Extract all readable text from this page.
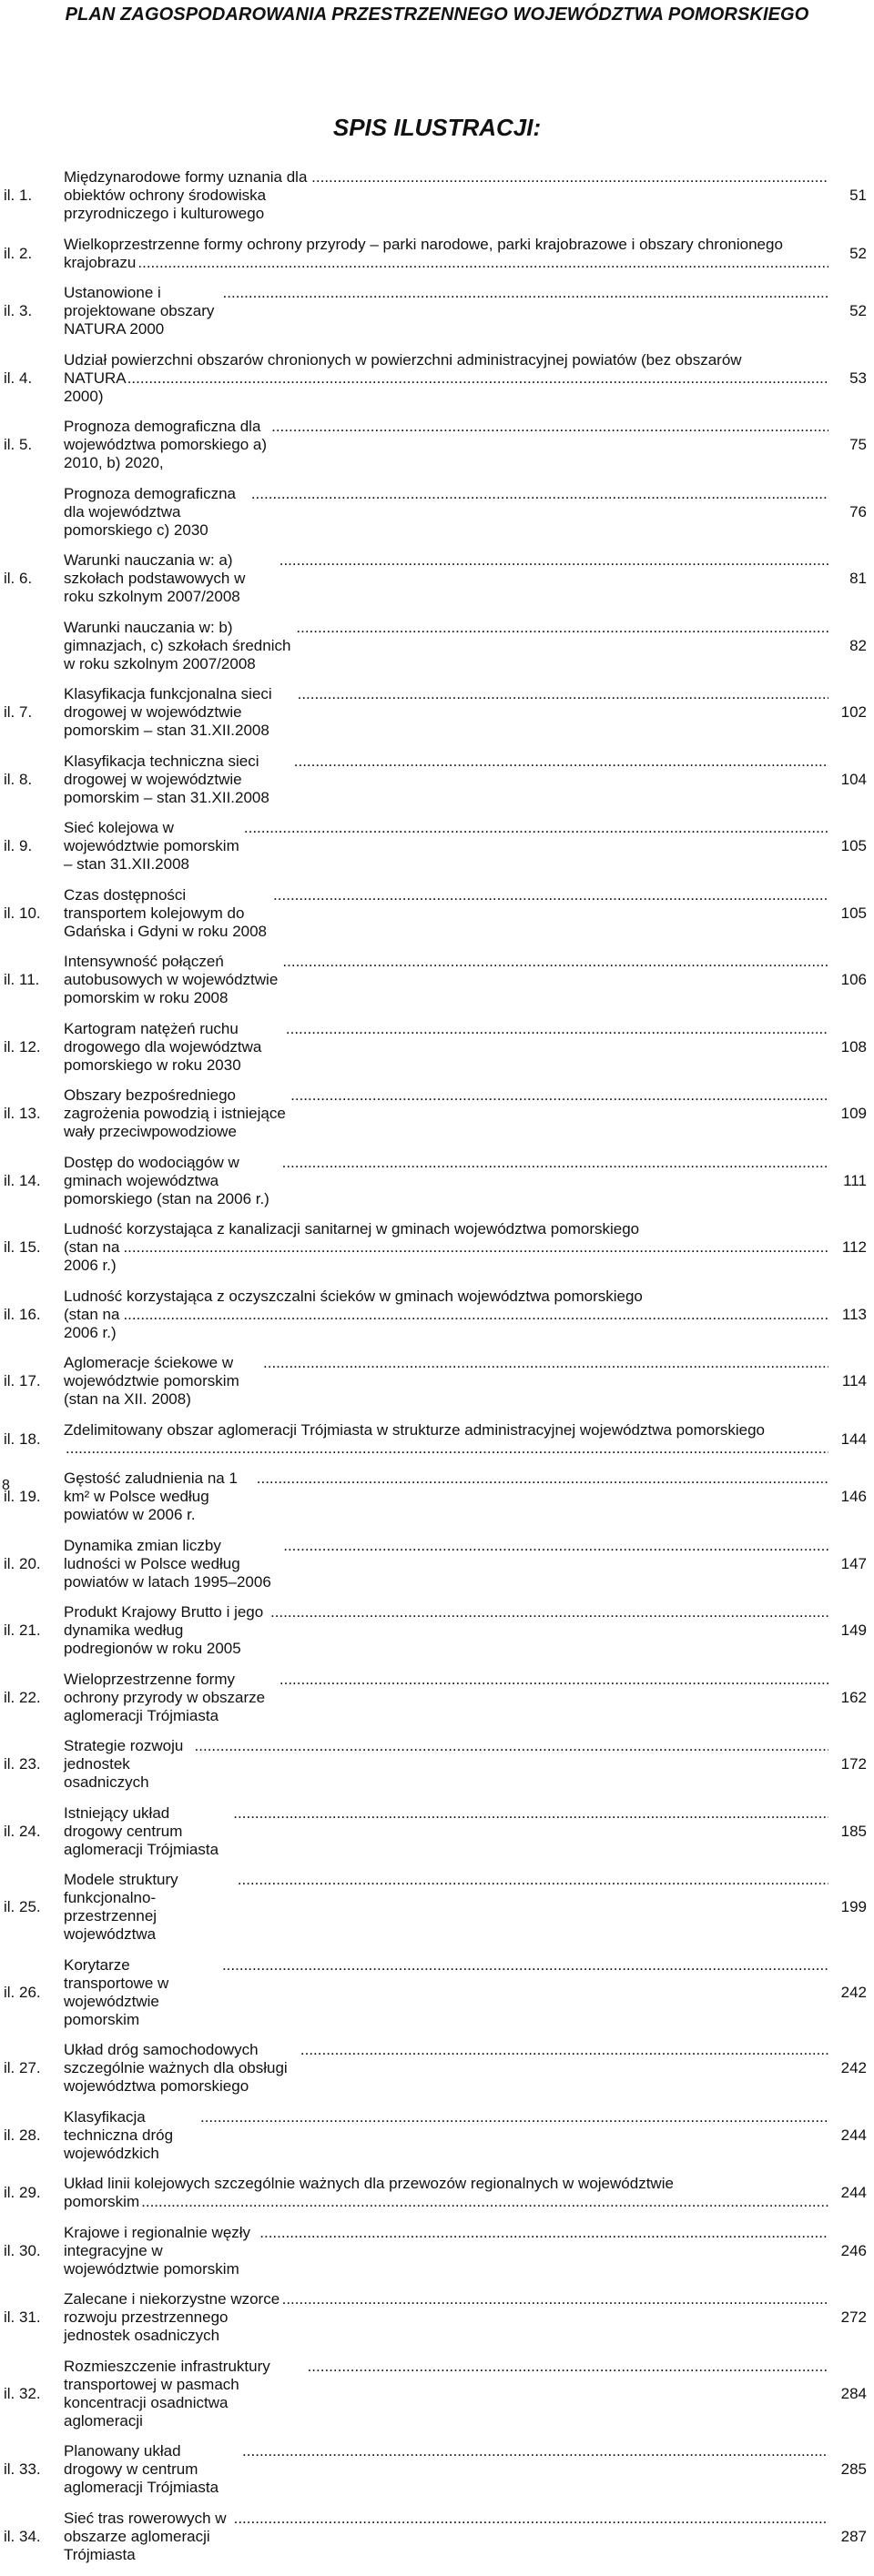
PLAN ZAGOSPODAROWANIA PRZESTRZENNEGO WOJEWÓDZTWA POMORSKIEGO
SPIS ILUSTRACJI:
il. 1.
Międzynarodowe formy uznania dla obiektów ochrony środowiska przyrodniczego i kulturowego
.....
51
il. 2.
Wielkoprzestrzenne formy ochrony przyrody – parki narodowe, parki krajobrazowe i obszary chronionego
krajobrazu
.....
52
il. 3.
Ustanowione i projektowane obszary NATURA 2000
.....
52
il. 4.
Udział powierzchni obszarów chronionych w powierzchni administracyjnej powiatów (bez obszarów
NATURA 2000)
.....
53
il. 5.
Prognoza demograficzna dla województwa pomorskiego a) 2010, b) 2020,
.....
75
Prognoza demograficzna dla województwa pomorskiego c) 2030
.....
76
il. 6.
Warunki nauczania w: a) szkołach podstawowych w roku szkolnym 2007/2008
.....
81
Warunki nauczania w: b) gimnazjach, c) szkołach średnich w roku szkolnym 2007/2008
.....
82
il. 7.
Klasyfikacja funkcjonalna sieci drogowej w województwie pomorskim – stan 31.XII.2008
.....
102
il. 8.
Klasyfikacja techniczna sieci drogowej w województwie pomorskim – stan 31.XII.2008
.....
104
il. 9.
Sieć kolejowa w województwie pomorskim – stan 31.XII.2008
.....
105
il. 10.
Czas dostępności transportem kolejowym do Gdańska i Gdyni w roku 2008
.....
105
il. 11.
Intensywność połączeń autobusowych w województwie pomorskim w roku 2008
.....
106
il. 12.
Kartogram natężeń ruchu drogowego dla województwa pomorskiego w roku 2030
.....
108
il. 13.
Obszary bezpośredniego zagrożenia powodzią i istniejące wały przeciwpowodziowe
.....
109
il. 14.
Dostęp do wodociągów w gminach województwa pomorskiego (stan na 2006 r.)
.....
111
il. 15.
Ludność korzystająca z kanalizacji sanitarnej w gminach województwa pomorskiego
(stan na 2006 r.)
.....
112
il. 16.
Ludność korzystająca z oczyszczalni ścieków w gminach województwa pomorskiego
(stan na 2006 r.)
.....
113
il. 17.
Aglomeracje ściekowe w województwie pomorskim (stan na XII. 2008)
.....
114
il. 18.
Zdelimitowany obszar aglomeracji Trójmiasta w strukturze administracyjnej województwa pomorskiego
.....
144
il. 19.
Gęstość zaludnienia na 1 km² w Polsce według powiatów w 2006 r.
.....
146
il. 20.
Dynamika zmian liczby ludności w Polsce według powiatów w latach 1995–2006
.....
147
il. 21.
Produkt Krajowy Brutto i jego dynamika według podregionów w roku 2005
.....
149
il. 22.
Wieloprzestrzenne formy ochrony przyrody w obszarze aglomeracji Trójmiasta
.....
162
il. 23.
Strategie rozwoju jednostek osadniczych
.....
172
il. 24.
Istniejący układ drogowy centrum aglomeracji Trójmiasta
.....
185
il. 25.
Modele struktury funkcjonalno-przestrzennej województwa
.....
199
il. 26.
Korytarze transportowe w województwie pomorskim
.....
242
il. 27.
Układ dróg samochodowych szczególnie ważnych dla obsługi województwa pomorskiego
.....
242
il. 28.
Klasyfikacja techniczna dróg wojewódzkich
.....
244
il. 29.
Układ linii kolejowych szczególnie ważnych dla przewozów regionalnych w województwie
pomorskim
.....
244
il. 30.
Krajowe i regionalnie węzły integracyjne w województwie pomorskim
.....
246
il. 31.
Zalecane i niekorzystne wzorce rozwoju przestrzennego jednostek osadniczych
.....
272
il. 32.
Rozmieszczenie infrastruktury transportowej w pasmach koncentracji osadnictwa aglomeracji
.....
284
il. 33.
Planowany układ drogowy w centrum aglomeracji Trójmiasta
.....
285
il. 34.
Sieć tras rowerowych w obszarze aglomeracji Trójmiasta
.....
287
8
